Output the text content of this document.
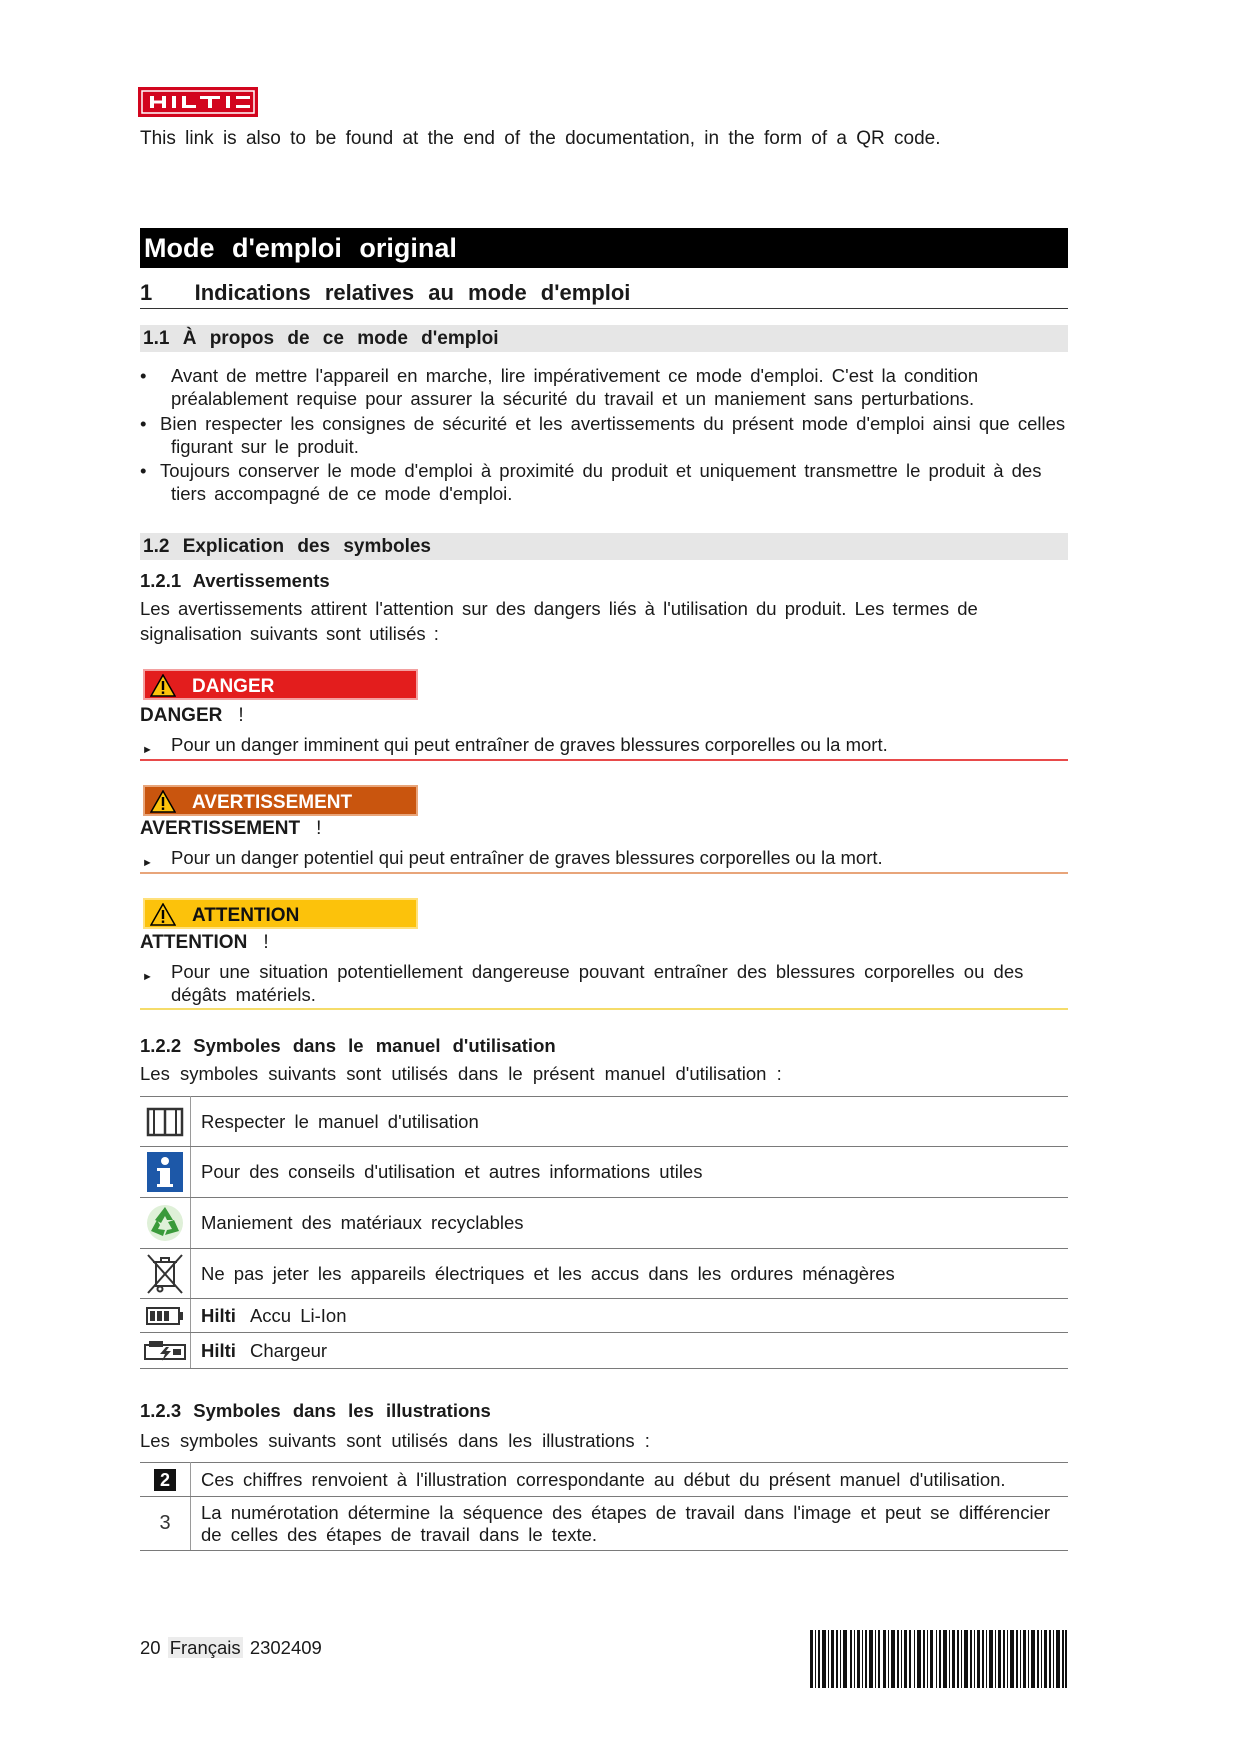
This link is also to be found at the end of the documentation, in the form of a QR code.
Mode d'emploi original
1 Indications relatives au mode d'emploi
1.1 À propos de ce mode d'emploi
• Avant de mettre l'appareil en marche, lire impérativement ce mode d'emploi. C'est la condition
préalablement requise pour assurer la sécurité du travail et un maniement sans perturbations.
• Bien respecter les consignes de sécurité et les avertissements du présent mode d'emploi ainsi que celles
figurant sur le produit.
• Toujours conserver le mode d'emploi à proximité du produit et uniquement transmettre le produit à des
tiers accompagné de ce mode d'emploi.
1.2 Explication des symboles
1.2.1 Avertissements
Les avertissements attirent l'attention sur des dangers liés à l'utilisation du produit. Les termes de
signalisation suivants sont utilisés :
DANGER
DANGER !
► Pour un danger imminent qui peut entraîner de graves blessures corporelles ou la mort.
AVERTISSEMENT
AVERTISSEMENT !
► Pour un danger potentiel qui peut entraîner de graves blessures corporelles ou la mort.
ATTENTION
ATTENTION !
► Pour une situation potentiellement dangereuse pouvant entraîner des blessures corporelles ou des
dégâts matériels.
1.2.2 Symboles dans le manuel d'utilisation
Les symboles suivants sont utilisés dans le présent manuel d'utilisation :
	Respecter le manuel d'utilisation

	Pour des conseils d'utilisation et autres informations utiles

	Maniement des matériaux recyclables

	Ne pas jeter les appareils électriques et les accus dans les ordures ménagères

	Hilti Accu Li-Ion

	Hilti Chargeur
1.2.3 Symboles dans les illustrations
Les symboles suivants sont utilisés dans les illustrations :
2	Ces chiffres renvoient à l'illustration correspondante au début du présent manuel d'utilisation.
3	La numérotation détermine la séquence des étapes de travail dans l'image et peut se différencier
de celles des étapes de travail dans le texte.
20 Français 2302409
